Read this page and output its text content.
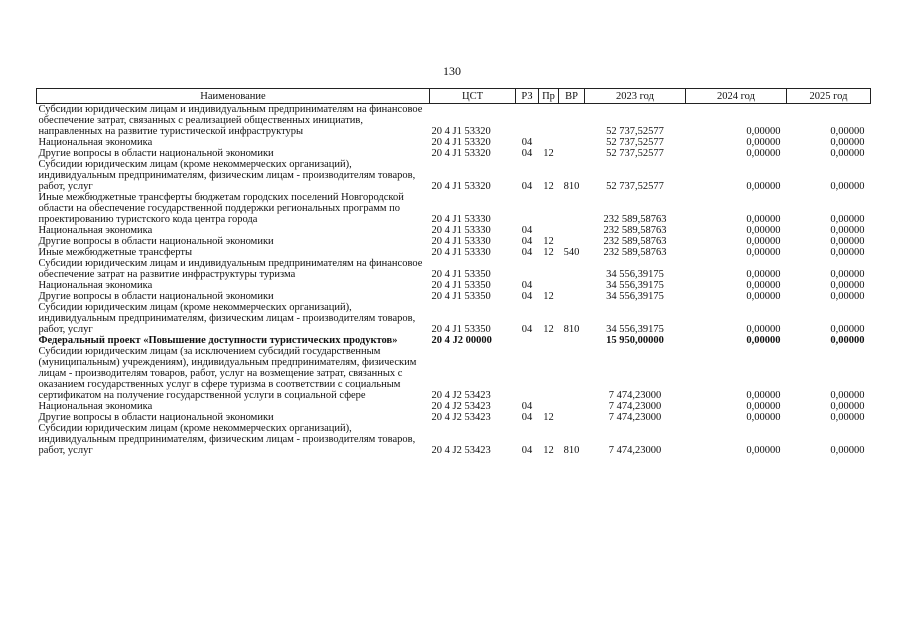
130
Наименование	ЦСТ	РЗ	Пр	ВР	2023 год	2024 год	2025 год
Субсидии юридическим лицам и индивидуальным предпринимателям на финансовое обеспечение затрат, связанных с реализацией общественных инициатив, направленных на развитие туристической инфраструктуры	20 4 J1 53320				52 737,52577	0,00000	0,00000
Национальная экономика	20 4 J1 53320	04			52 737,52577	0,00000	0,00000
Другие вопросы в области национальной экономики	20 4 J1 53320	04	12		52 737,52577	0,00000	0,00000
Субсидии юридическим лицам (кроме некоммерческих организаций), индивидуальным предпринимателям, физическим лицам - производителям товаров, работ, услуг	20 4 J1 53320	04	12	810	52 737,52577	0,00000	0,00000
Иные межбюджетные трансферты бюджетам городских поселений Новгородской области на обеспечение государственной поддержки региональных программ по проектированию туристского кода центра города	20 4 J1 53330				232 589,58763	0,00000	0,00000
Национальная экономика	20 4 J1 53330	04			232 589,58763	0,00000	0,00000
Другие вопросы в области национальной экономики	20 4 J1 53330	04	12		232 589,58763	0,00000	0,00000
Иные межбюджетные трансферты	20 4 J1 53330	04	12	540	232 589,58763	0,00000	0,00000
Субсидии юридическим лицам и индивидуальным предпринимателям на финансовое обеспечение затрат на развитие инфраструктуры туризма	20 4 J1 53350				34 556,39175	0,00000	0,00000
Национальная экономика	20 4 J1 53350	04			34 556,39175	0,00000	0,00000
Другие вопросы в области национальной экономики	20 4 J1 53350	04	12		34 556,39175	0,00000	0,00000
Субсидии юридическим лицам (кроме некоммерческих организаций), индивидуальным предпринимателям, физическим лицам - производителям товаров, работ, услуг	20 4 J1 53350	04	12	810	34 556,39175	0,00000	0,00000
Федеральный проект «Повышение доступности туристических продуктов»	20 4 J2 00000				15 950,00000	0,00000	0,00000
Субсидии юридическим лицам (за исключением субсидий государственным (муниципальным) учреждениям), индивидуальным предпринимателям, физическим лицам - производителям товаров, работ, услуг на возмещение затрат, связанных с оказанием государственных услуг в сфере туризма в соответствии с социальным сертификатом на получение государственной услуги в социальной сфере	20 4 J2 53423				7 474,23000	0,00000	0,00000
Национальная экономика	20 4 J2 53423	04			7 474,23000	0,00000	0,00000
Другие вопросы в области национальной экономики	20 4 J2 53423	04	12		7 474,23000	0,00000	0,00000
Субсидии юридическим лицам (кроме некоммерческих организаций), индивидуальным предпринимателям, физическим лицам - производителям товаров, работ, услуг	20 4 J2 53423	04	12	810	7 474,23000	0,00000	0,00000
